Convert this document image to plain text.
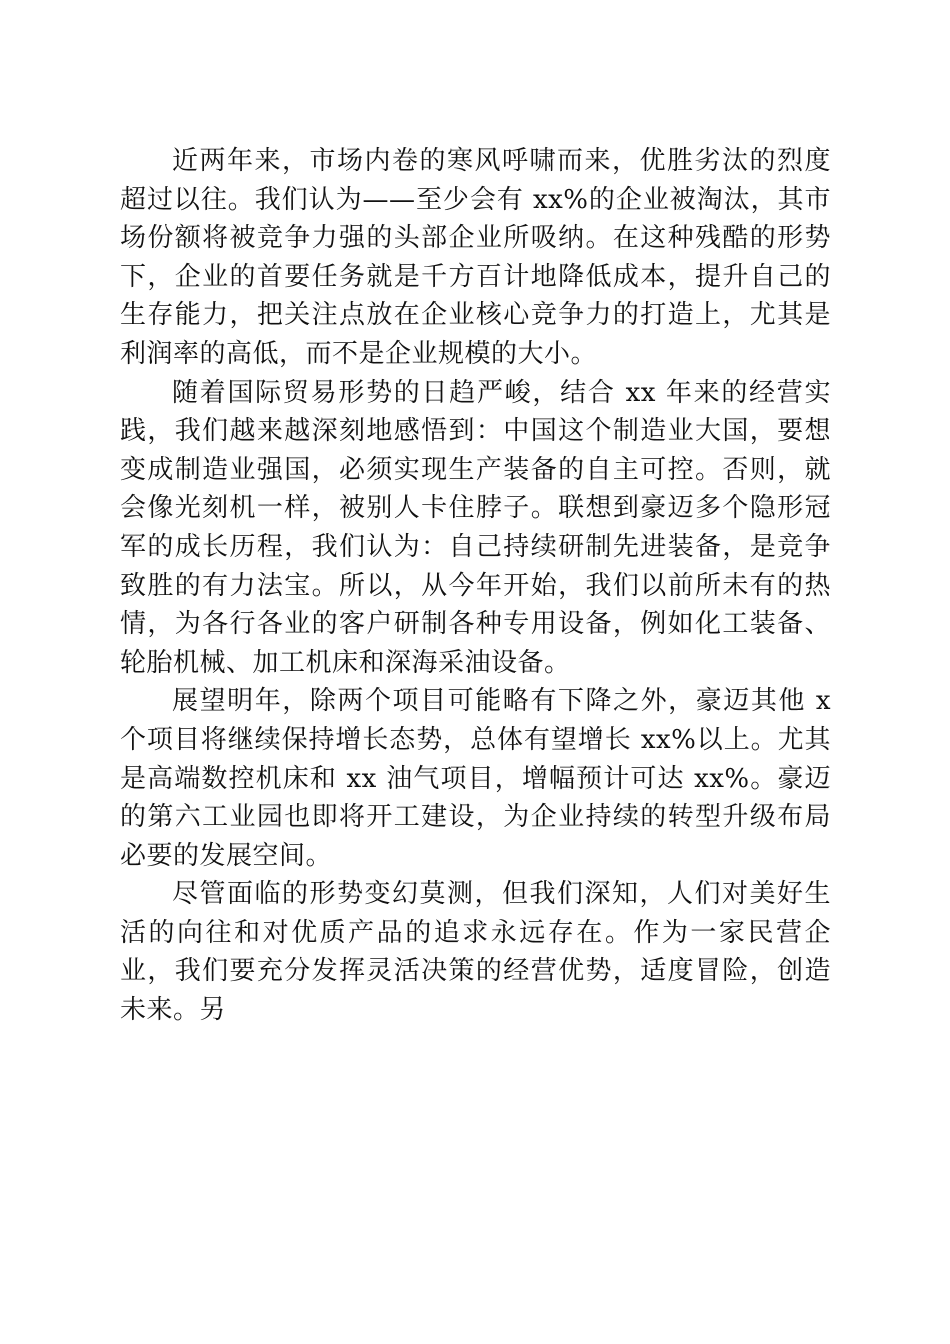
近两年来，市场内卷的寒风呼啸而来，优胜劣汰的烈度超过以往。我们认为——至少会有 xx%的企业被淘汰，其市场份额将被竞争力强的头部企业所吸纳。在这种残酷的形势下，企业的首要任务就是千方百计地降低成本，提升自己的生存能力，把关注点放在企业核心竞争力的打造上，尤其是利润率的高低，而不是企业规模的大小。

随着国际贸易形势的日趋严峻，结合 xx 年来的经营实践，我们越来越深刻地感悟到：中国这个制造业大国，要想变成制造业强国，必须实现生产装备的自主可控。否则，就会像光刻机一样，被别人卡住脖子。联想到豪迈多个隐形冠军的成长历程，我们认为：自己持续研制先进装备，是竞争致胜的有力法宝。所以，从今年开始，我们以前所未有的热情，为各行各业的客户研制各种专用设备，例如化工装备、轮胎机械、加工机床和深海采油设备。

展望明年，除两个项目可能略有下降之外，豪迈其他 x 个项目将继续保持增长态势，总体有望增长 xx%以上。尤其是高端数控机床和 xx 油气项目，增幅预计可达 xx%。豪迈的第六工业园也即将开工建设，为企业持续的转型升级布局必要的发展空间。

尽管面临的形势变幻莫测，但我们深知，人们对美好生活的向往和对优质产品的追求永远存在。作为一家民营企业，我们要充分发挥灵活决策的经营优势，适度冒险，创造未来。另
